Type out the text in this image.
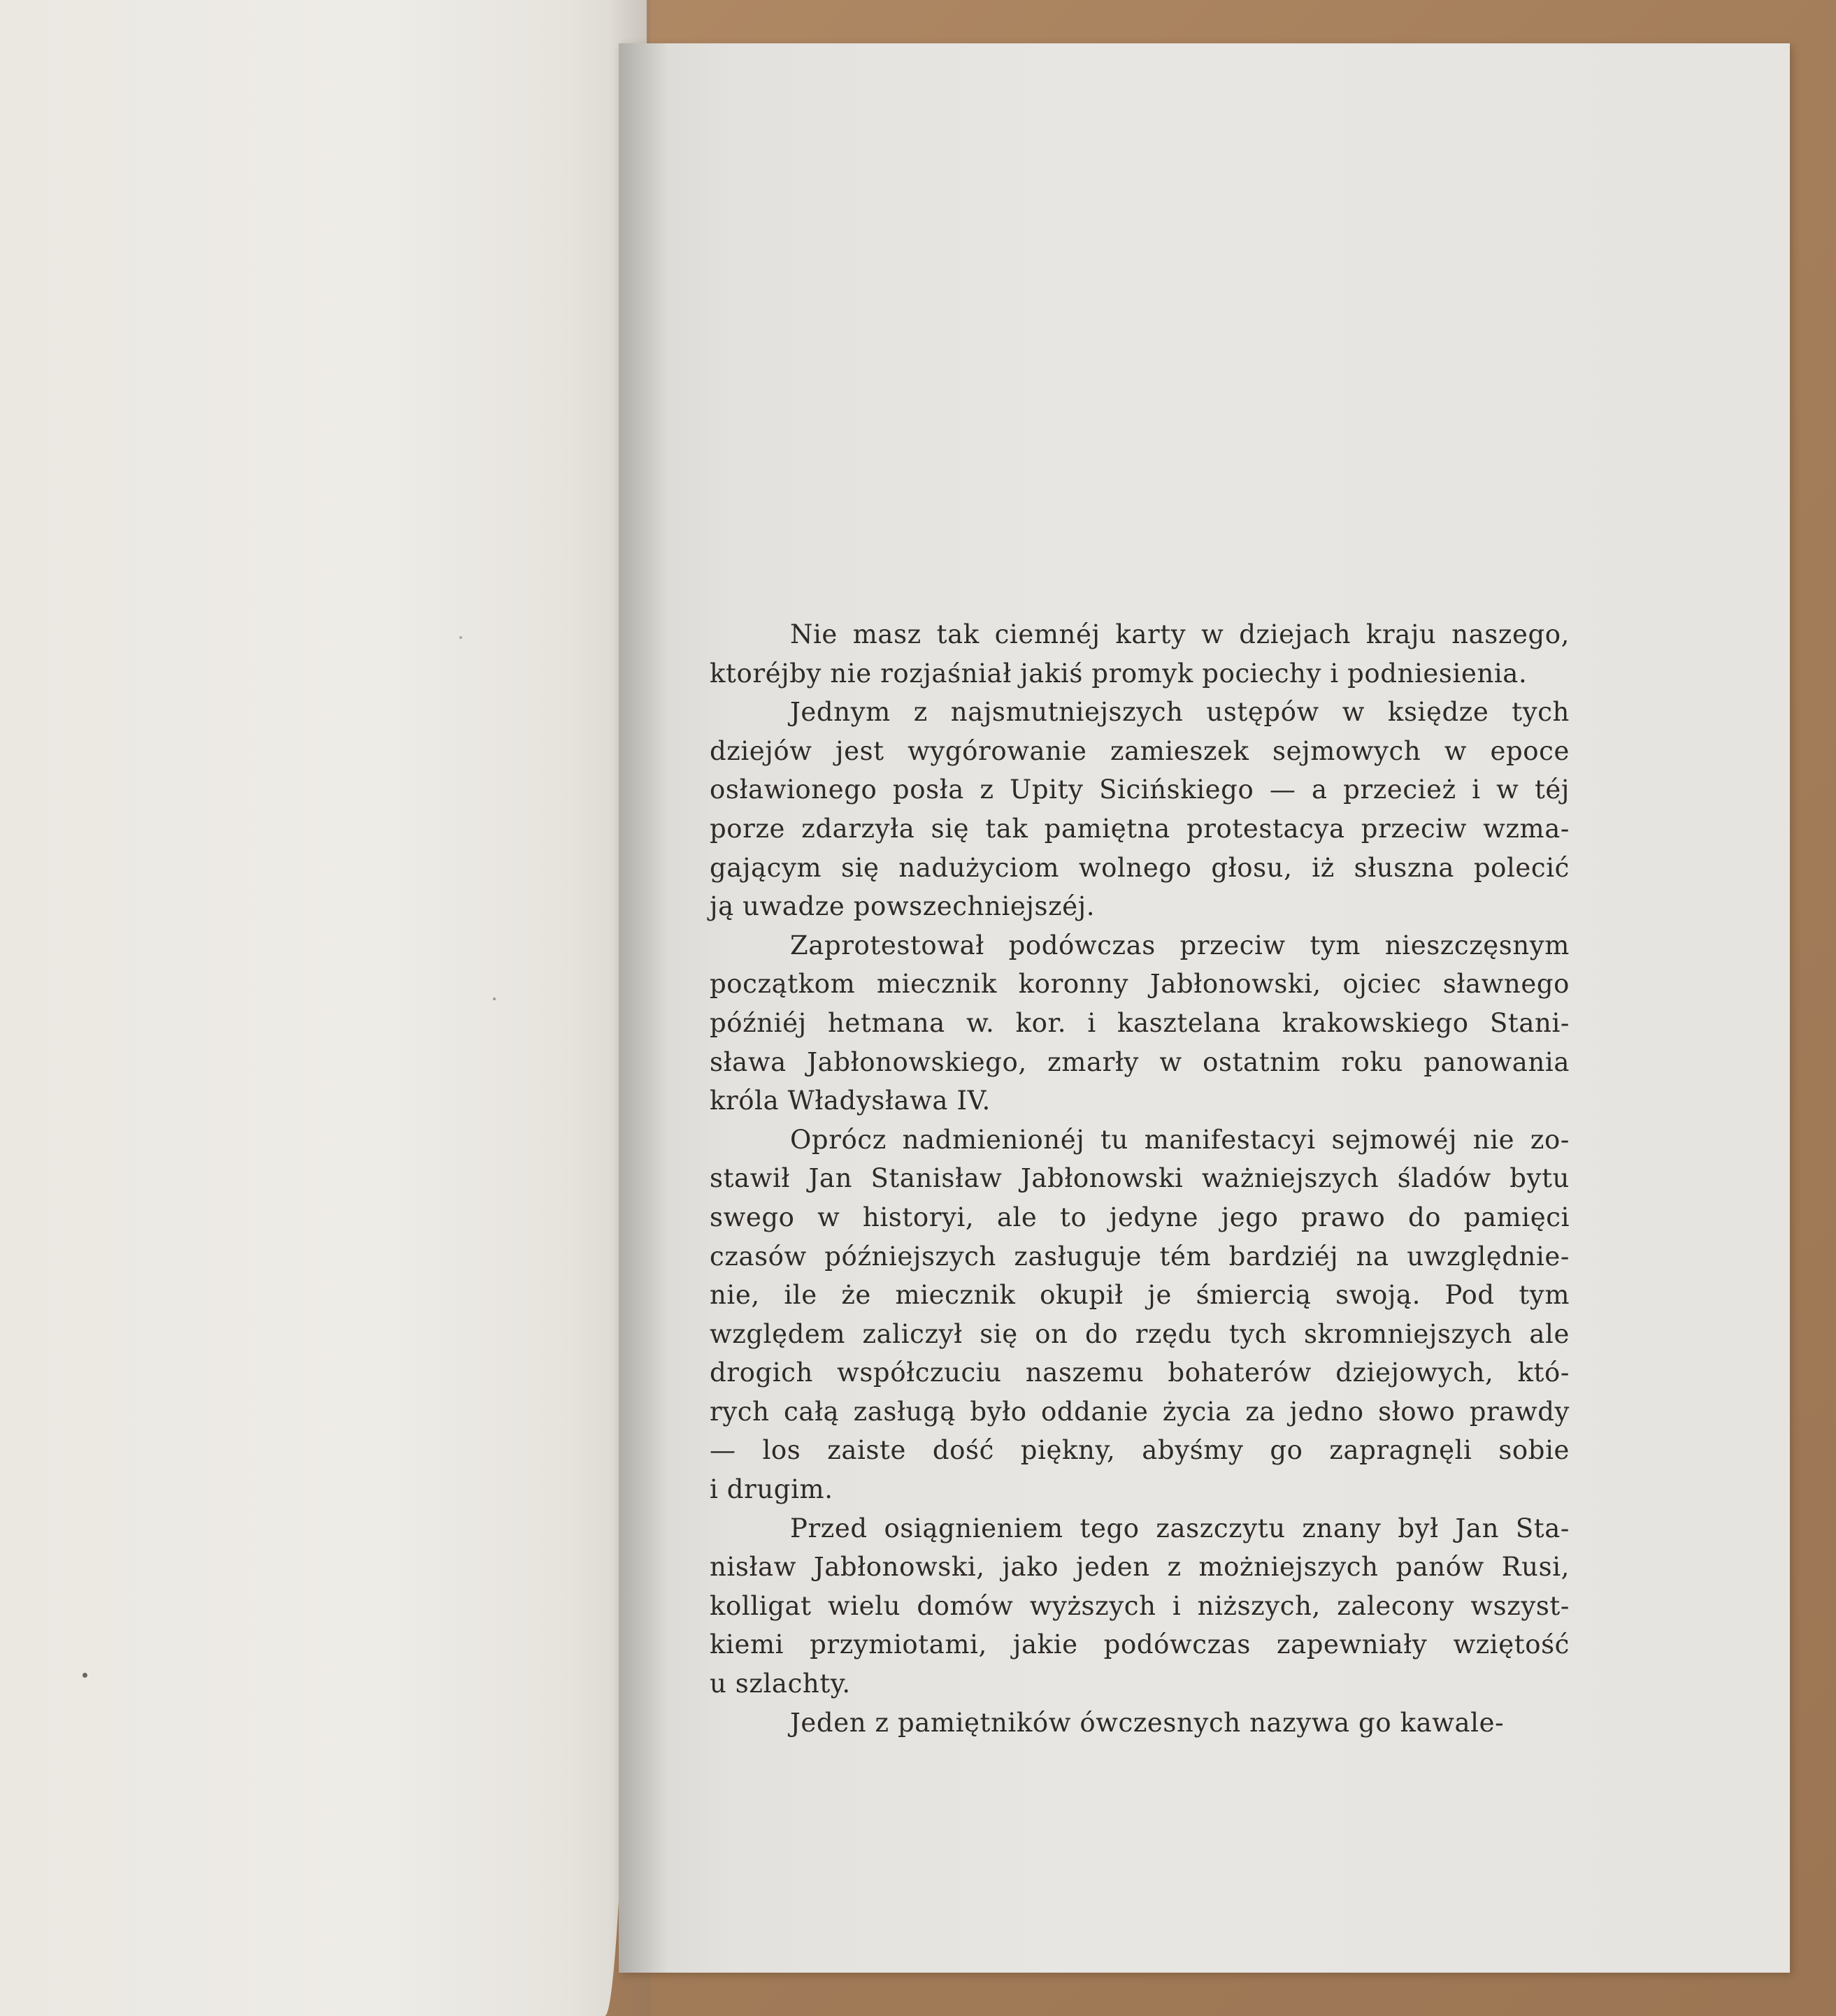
Nie masz tak ciemnéj karty w dziejach kraju naszego,
ktoréjby nie rozjaśniał jakiś promyk pociechy i podniesienia.

Jednym z najsmutniejszych ustępów w księdze tych
dziejów jest wygórowanie zamieszek sejmowych w epoce
osławionego posła z Upity Sicińskiego — a przecież i w téj
porze zdarzyła się tak pamiętna protestacya przeciw wzma-
gającym się nadużyciom wolnego głosu, iż słuszna polecić
ją uwadze powszechniejszéj.

Zaprotestował podówczas przeciw tym nieszczęsnym
początkom miecznik koronny Jabłonowski, ojciec sławnego
późniéj hetmana w. kor. i kasztelana krakowskiego Stani-
sława Jabłonowskiego, zmarły w ostatnim roku panowania
króla Władysława IV.

Oprócz nadmienionéj tu manifestacyi sejmowéj nie zo-
stawił Jan Stanisław Jabłonowski ważniejszych śladów bytu
swego w historyi, ale to jedyne jego prawo do pamięci
czasów późniejszych zasługuje tém bardziéj na uwzględnie-
nie, ile że miecznik okupił je śmiercią swoją. Pod tym
względem zaliczył się on do rzędu tych skromniejszych ale
drogich współczuciu naszemu bohaterów dziejowych, któ-
rych całą zasługą było oddanie życia za jedno słowo prawdy
— los zaiste dość piękny, abyśmy go zapragnęli sobie
i drugim.

Przed osiągnieniem tego zaszczytu znany był Jan Sta-
nisław Jabłonowski, jako jeden z możniejszych panów Rusi,
kolligat wielu domów wyższych i niższych, zalecony wszyst-
kiemi przymiotami, jakie podówczas zapewniały wziętość
u szlachty.

Jeden z pamiętników ówczesnych nazywa go kawale-
